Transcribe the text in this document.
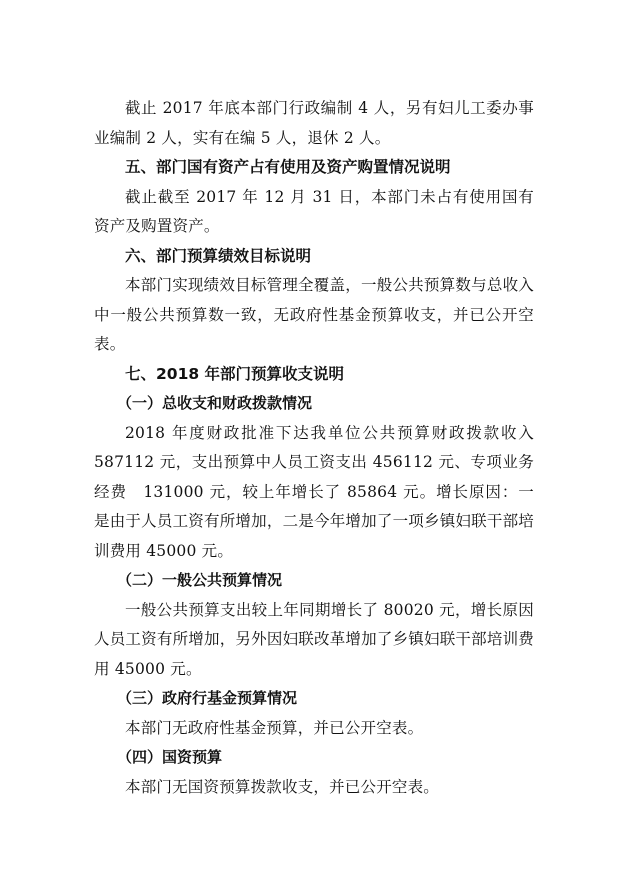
截止 2017 年底本部门行政编制 4 人，另有妇儿工委办事业编制 2 人，实有在编 5 人，退休 2 人。

五、部门国有资产占有使用及资产购置情况说明

截止截至 2017 年 12 月 31 日，本部门未占有使用国有资产及购置资产。

六、部门预算绩效目标说明

本部门实现绩效目标管理全覆盖，一般公共预算数与总收入中一般公共预算数一致，无政府性基金预算收支，并已公开空表。

七、2018 年部门预算收支说明

（一）总收支和财政拨款情况

2018 年度财政批准下达我单位公共预算财政拨款收入587112 元，支出预算中人员工资支出 456112 元、专项业务经费　131000 元，较上年增长了 85864 元。增长原因：一是由于人员工资有所增加，二是今年增加了一项乡镇妇联干部培训费用 45000 元。

（二）一般公共预算情况

一般公共预算支出较上年同期增长了 80020 元，增长原因人员工资有所增加，另外因妇联改革增加了乡镇妇联干部培训费用 45000 元。

（三）政府行基金预算情况

本部门无政府性基金预算，并已公开空表。

（四）国资预算

本部门无国资预算拨款收支，并已公开空表。
